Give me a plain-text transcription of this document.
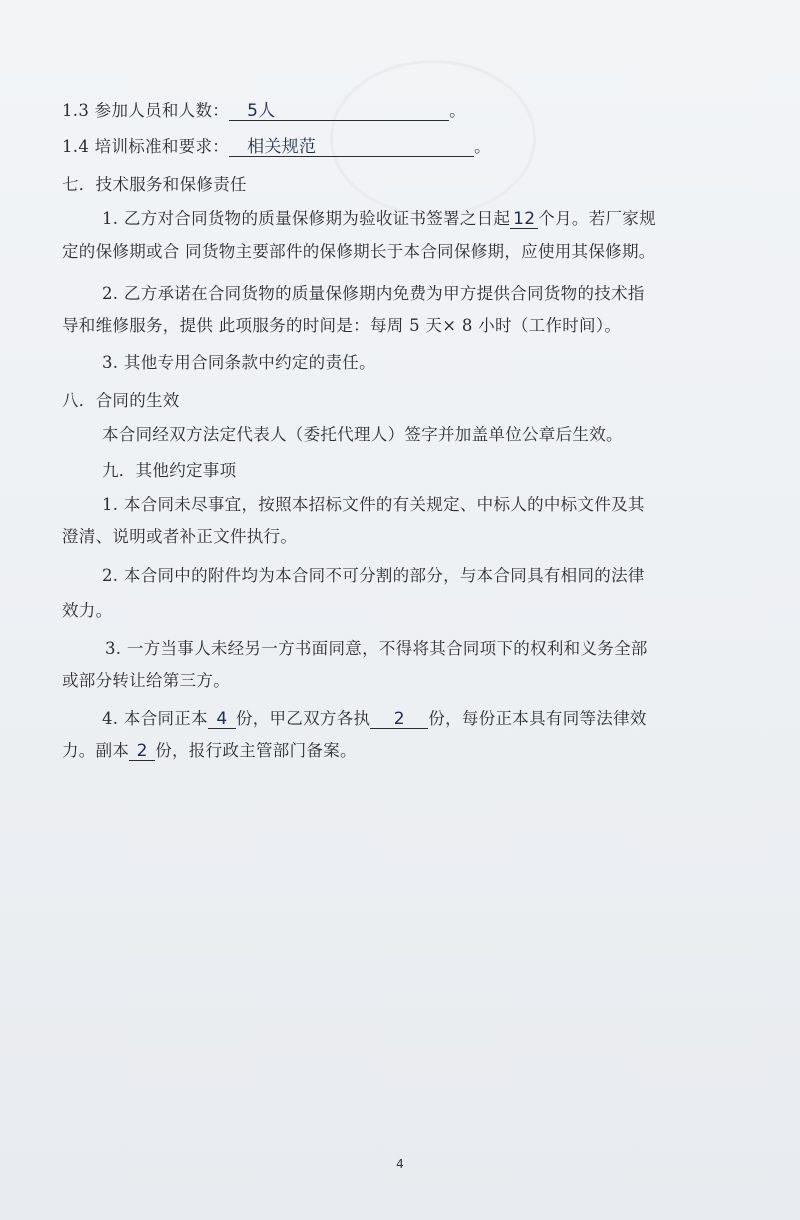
1.3 参加人员和人数： 5人	。
1.4 培训标准和要求： 相关规范	。
七．技术服务和保修责任
1. 乙方对合同货物的质量保修期为验收证书签署之日起 12 个月。若厂家规
定的保修期或合 同货物主要部件的保修期长于本合同保修期，应使用其保修期。
2. 乙方承诺在合同货物的质量保修期内免费为甲方提供合同货物的技术指
导和维修服务，提供 此项服务的时间是：每周 5 天× 8 小时（工作时间）。
3. 其他专用合同条款中约定的责任。
八．合同的生效
本合同经双方法定代表人（委托代理人）签字并加盖单位公章后生效。
九．其他约定事项
1. 本合同未尽事宜，按照本招标文件的有关规定、中标人的中标文件及其
澄清、说明或者补正文件执行。
2. 本合同中的附件均为本合同不可分割的部分，与本合同具有相同的法律
效力。
3. 一方当事人未经另一方书面同意，不得将其合同项下的权利和义务全部
或部分转让给第三方。
4. 本合同正本 4 份，甲乙双方各执 2 份，每份正本具有同等法律效
力。副本 2 份，报行政主管部门备案。
4
